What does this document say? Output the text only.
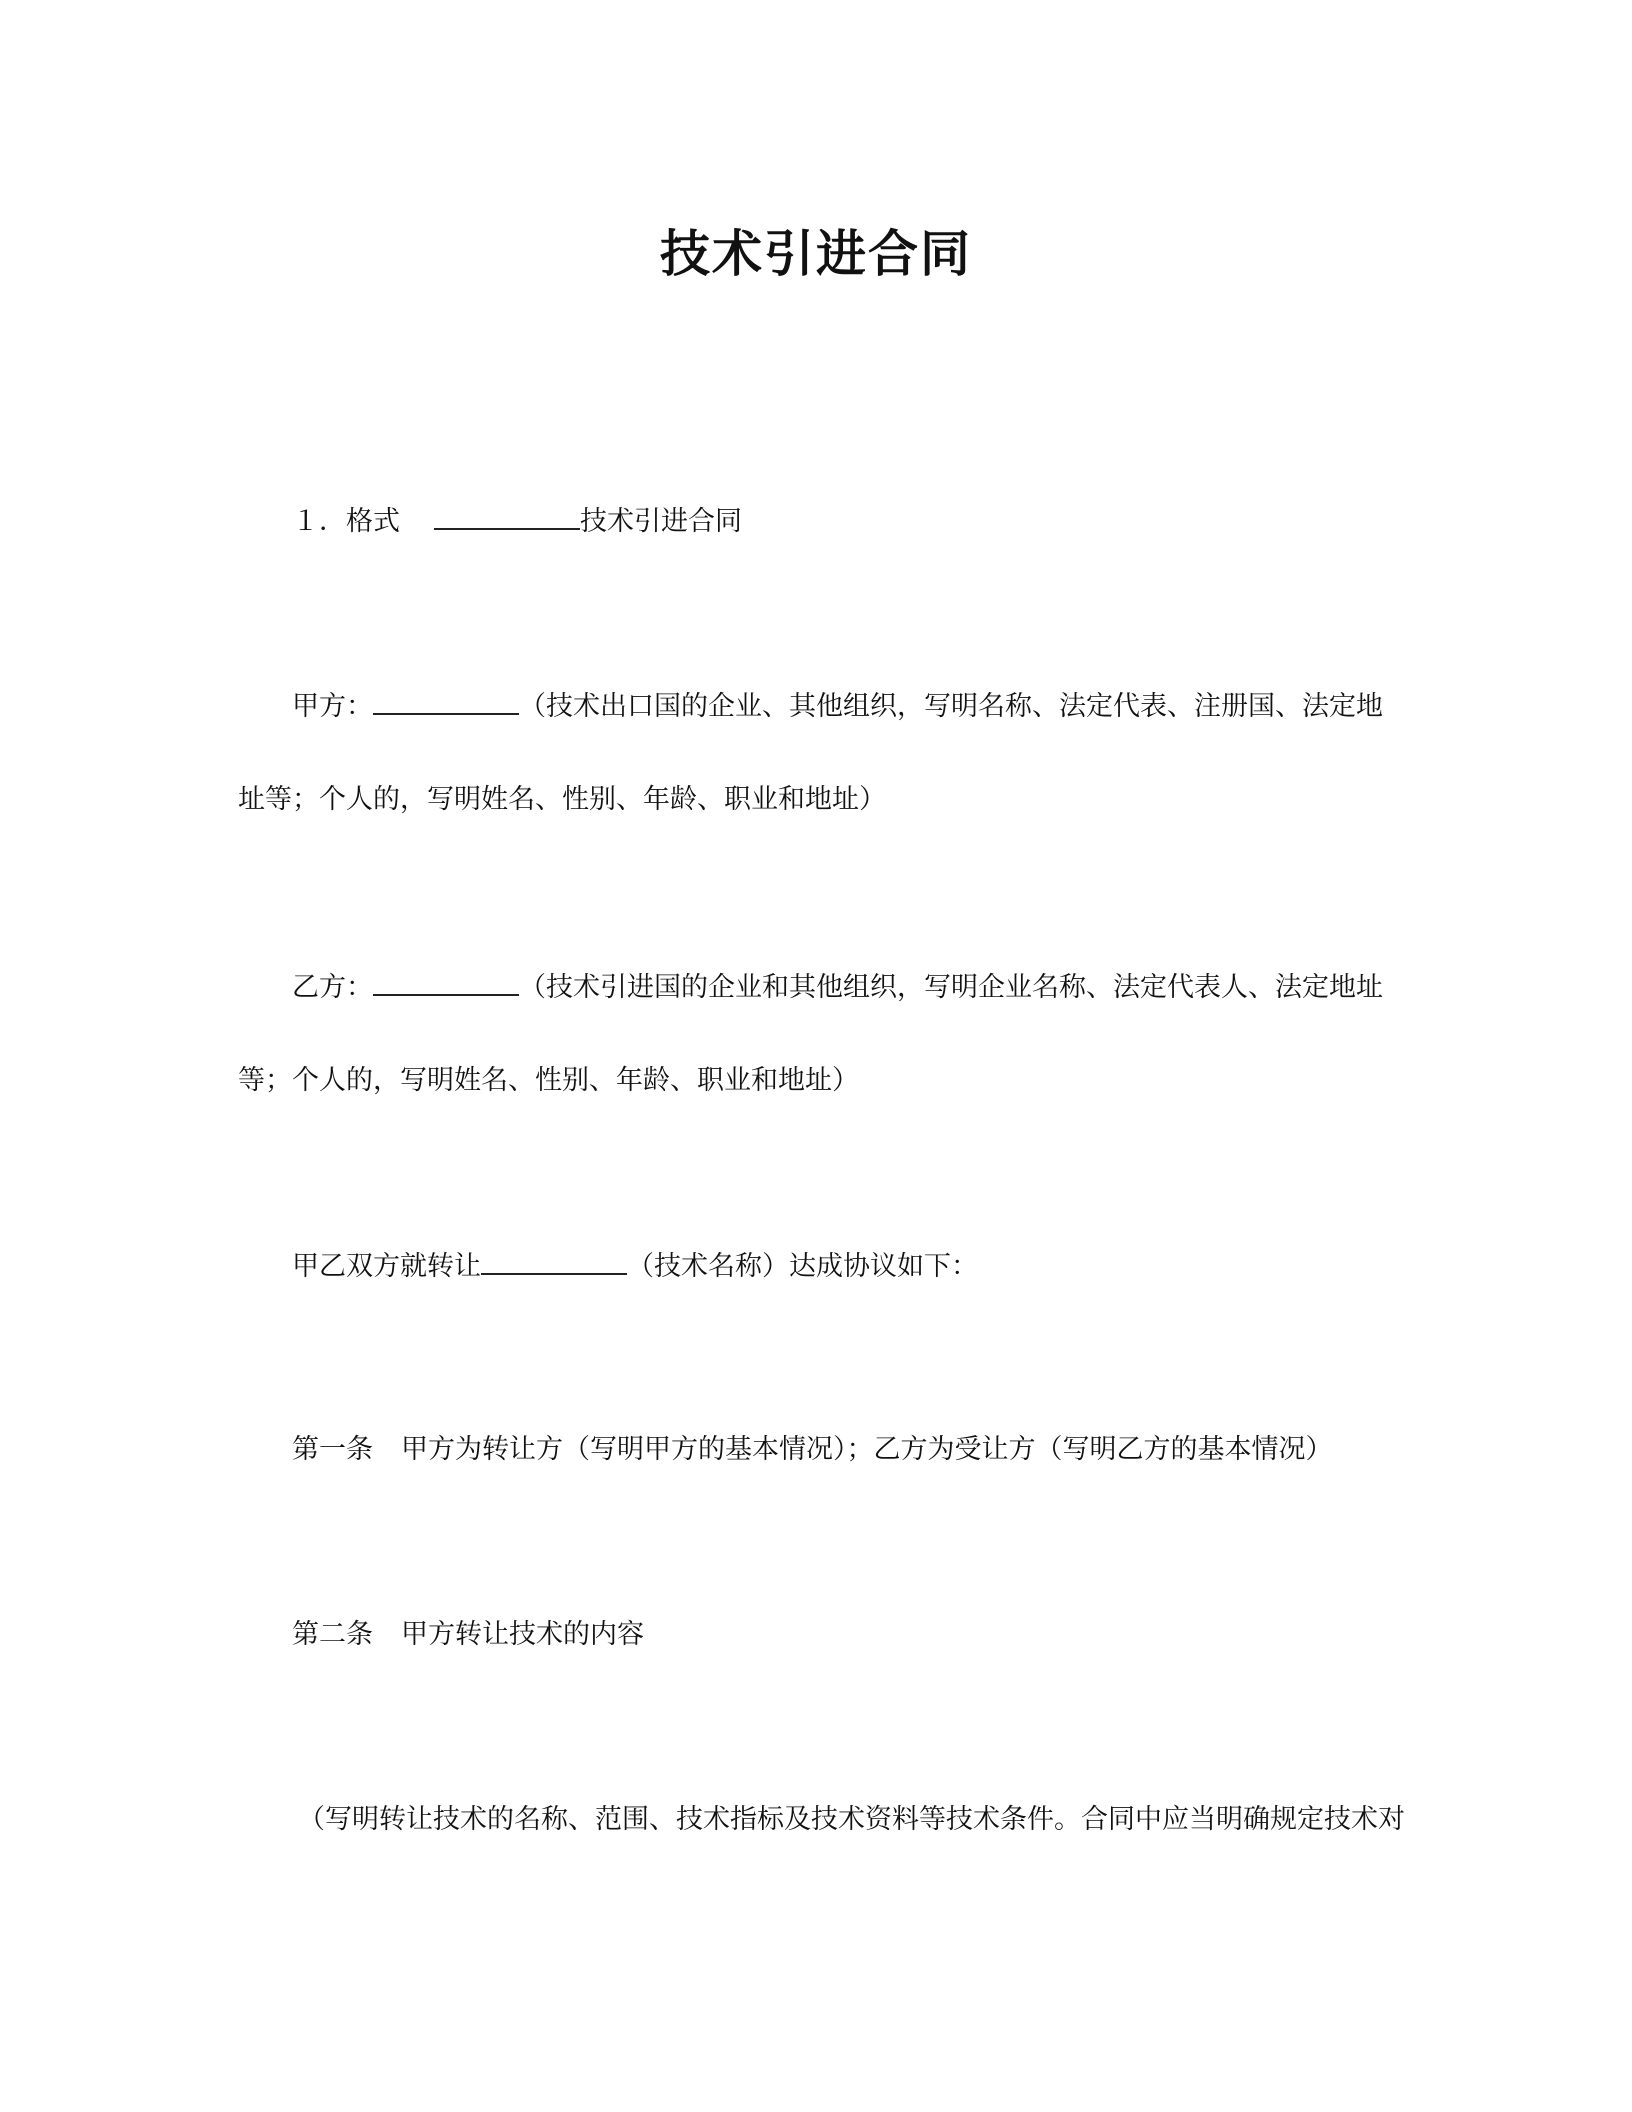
技术引进合同
１．格式	技术引进合同
甲方：	（技术出口国的企业、其他组织，写明名称、法定代表、注册国、法定地
址等；个人的，写明姓名、性别、年龄、职业和地址）
乙方：	（技术引进国的企业和其他组织，写明企业名称、法定代表人、法定地址
等；个人的，写明姓名、性别、年龄、职业和地址）
甲乙双方就转让	（技术名称）达成协议如下：
第一条 甲方为转让方（写明甲方的基本情况）；乙方为受让方（写明乙方的基本情况）
第二条 甲方转让技术的内容
（写明转让技术的名称、范围、技术指标及技术资料等技术条件。合同中应当明确规定技术对
